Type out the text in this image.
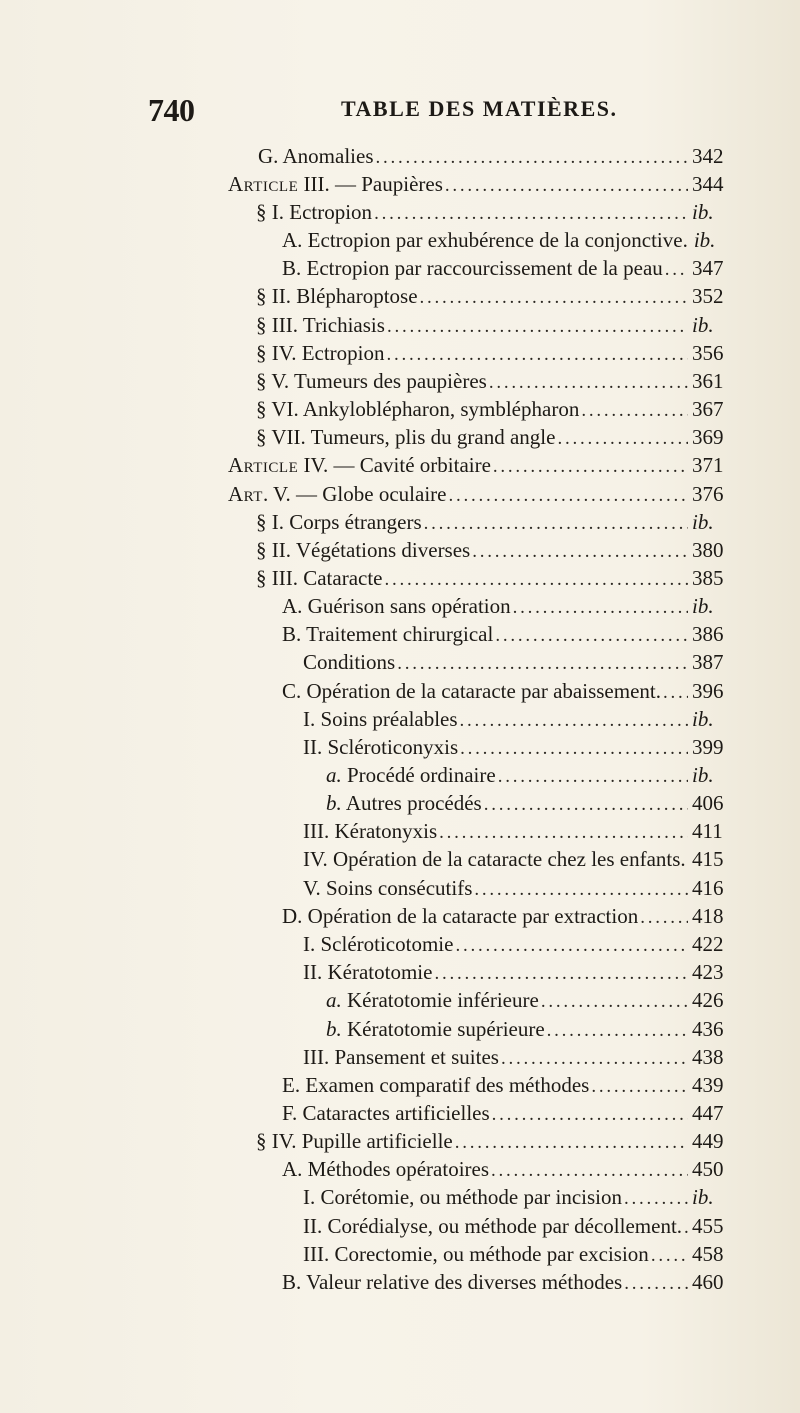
740	TABLE DES MATIÈRES.
G. Anomalies . . .	342
Article III. — Paupières . . .	344
§ I. Ectropion . . .	ib.
A. Ectropion par exhubérence de la conjonctive. . . . ib.
B. Ectropion par raccourcissement de la peau . . . 347
§ II. Blépharoptose . . .	352
§ III. Trichiasis . . .	ib.
§ IV. Ectropion . . .	356
§ V. Tumeurs des paupières . . .	361
§ VI. Ankyloblépharon, symblépharon . . .	367
§ VII. Tumeurs, plis du grand angle . . .	369
Article IV. — Cavité orbitaire . . .	371
Art. V. — Globe oculaire . . .	376
§ I. Corps étrangers . . .	ib.
§ II. Végétations diverses . . .	380
§ III. Cataracte . . .	385
A. Guérison sans opération . . .	ib.
B. Traitement chirurgical . . .	386
Conditions . . .	387
C. Opération de la cataracte par abaissement. . . . 396
I. Soins préalables . . .	ib.
II. Scléroticonyxis . . .	399
a. Procédé ordinaire . . .	ib.
b. Autres procédés . . .	406
III. Kératonyxis . . .	411
IV. Opération de la cataracte chez les enfants. . . . 415
V. Soins consécutifs . . .	416
D. Opération de la cataracte par extraction . . .	418
I. Scléroticotomie . . .	422
II. Kératotomie . . .	423
a. Kératotomie inférieure . . .	426
b. Kératotomie supérieure . . .	436
III. Pansement et suites . . .	438
E. Examen comparatif des méthodes . . .	439
F. Cataractes artificielles . . .	447
§ IV. Pupille artificielle . . .	449
A. Méthodes opératoires . . .	450
I. Corétomie, ou méthode par incision . . .	ib.
II. Corédialyse, ou méthode par décollement. . . . 455
III. Corectomie, ou méthode par excision . . . 458
B. Valeur relative des diverses méthodes . . .	460
